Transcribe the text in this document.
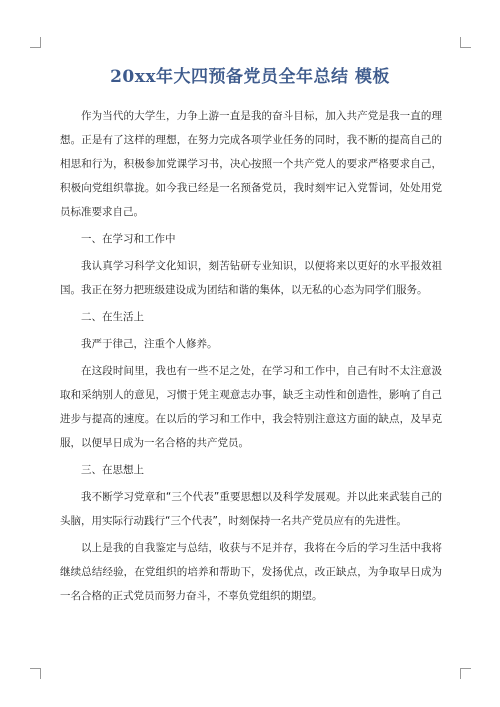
20xx年大四预备党员全年总结 模板

作为当代的大学生，力争上游一直是我的奋斗目标，加入共产党是我一直的理想。正是有了这样的理想，在努力完成各项学业任务的同时，我不断的提高自己的相思和行为，积极参加党课学习书，决心按照一个共产党人的要求严格要求自己，积极向党组织靠拢。如今我已经是一名预备党员，我时刻牢记入党誓词，处处用党员标准要求自己。

一、在学习和工作中

我认真学习科学文化知识，刻苦钻研专业知识，以便将来以更好的水平报效祖国。我正在努力把班级建设成为团结和谐的集体，以无私的心态为同学们服务。

二、在生活上

我严于律己，注重个人修养。

在这段时间里，我也有一些不足之处，在学习和工作中，自己有时不太注意汲取和采纳别人的意见，习惯于凭主观意志办事，缺乏主动性和创造性，影响了自己进步与提高的速度。在以后的学习和工作中，我会特别注意这方面的缺点，及早克服，以便早日成为一名合格的共产党员。

三、在思想上

我不断学习党章和“三个代表”重要思想以及科学发展观。并以此来武装自己的头脑，用实际行动践行“三个代表”，时刻保持一名共产党员应有的先进性。

以上是我的自我鉴定与总结，收获与不足并存，我将在今后的学习生活中我将继续总结经验，在党组织的培养和帮助下，发扬优点，改正缺点，为争取早日成为一名合格的正式党员而努力奋斗，不辜负党组织的期望。
